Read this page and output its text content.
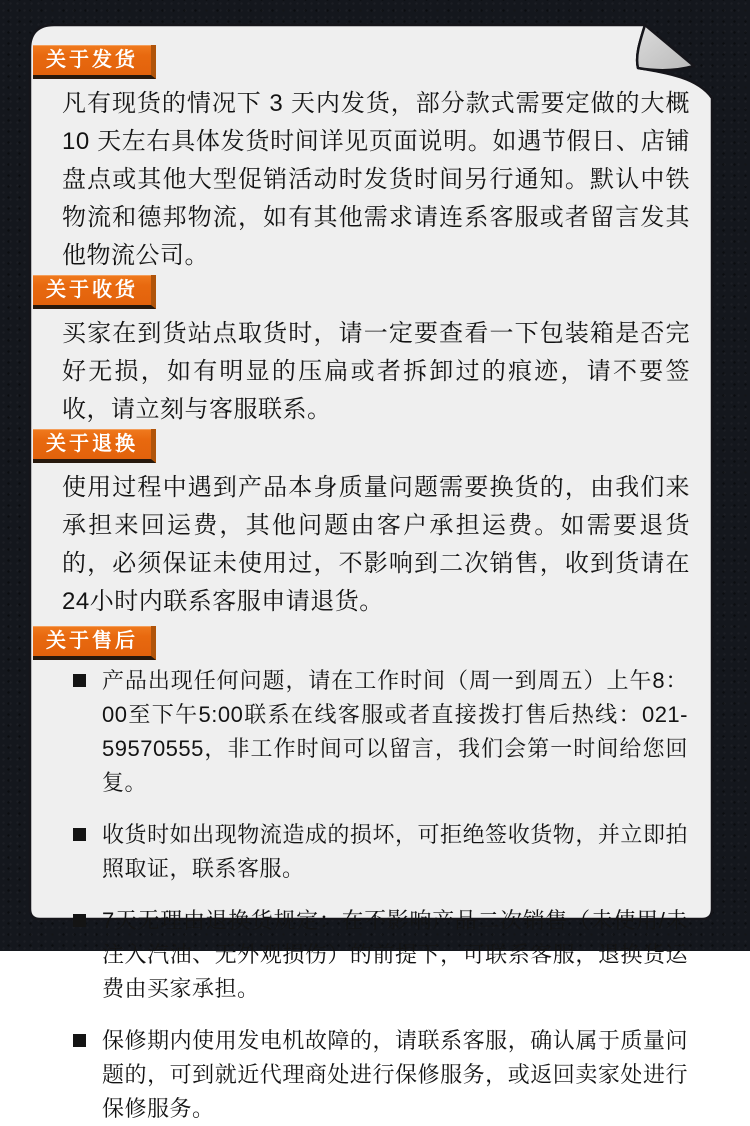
关于发货

凡有现货的情况下 3 天内发货，部分款式需要定做的大概 10 天左右具体发货时间详见页面说明。如遇节假日、店铺盘点或其他大型促销活动时发货时间另行通知。默认中铁物流和德邦物流，如有其他需求请连系客服或者留言发其他物流公司。

关于收货

买家在到货站点取货时，请一定要查看一下包装箱是否完好无损，如有明显的压扁或者拆卸过的痕迹，请不要签收，请立刻与客服联系。

关于退换

使用过程中遇到产品本身质量问题需要换货的，由我们来承担来回运费，其他问题由客户承担运费。如需要退货的，必须保证未使用过，不影响到二次销售，收到货请在24小时内联系客服申请退货。

关于售后
产品出现任何问题，请在工作时间（周一到周五）上午8：00至下午5:00联系在线客服或者直接拨打售后热线：021-59570555，非工作时间可以留言，我们会第一时间给您回复。
收货时如出现物流造成的损坏，可拒绝签收货物，并立即拍照取证，联系客服。
7天无理由退换货规定：在不影响产品二次销售（未使用/未注入汽油、无外观损伤）的前提下，可联系客服，退换货运费由买家承担。
保修期内使用发电机故障的，请联系客服，确认属于质量问题的，可到就近代理商处进行保修服务，或返回卖家处进行保修服务。
